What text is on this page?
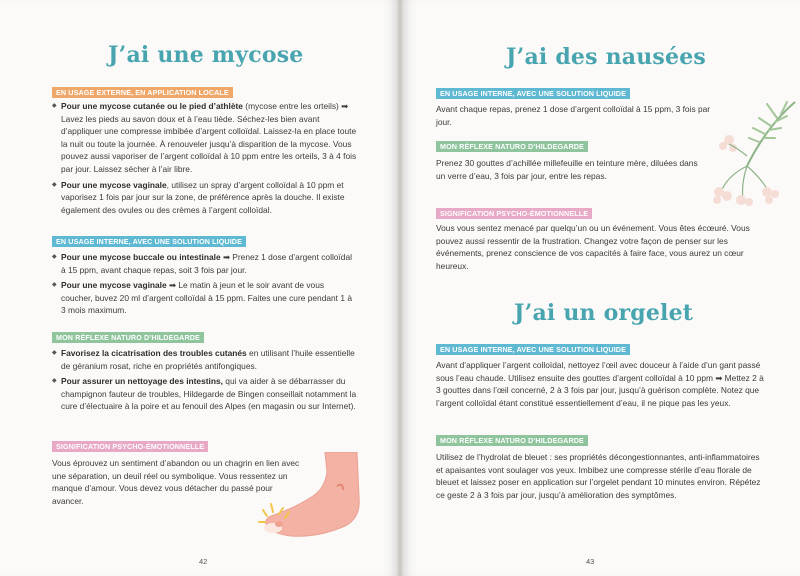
J’ai une mycose
EN USAGE EXTERNE, EN APPLICATION LOCALE

◆ Pour une mycose cutanée ou le pied d’athlète (mycose entre les orteils) ➡ Lavez les pieds au savon doux et à l’eau tiède. Séchez-les bien avant d’appliquer une compresse imbibée d’argent colloïdal. Laissez-la en place toute la nuit ou toute la journée. À renouveler jusqu’à disparition de la mycose. Vous pouvez aussi vaporiser de l’argent colloïdal à 10 ppm entre les orteils, 3 à 4 fois par jour. Laissez sécher à l’air libre.

◆ Pour une mycose vaginale, utilisez un spray d’argent colloïdal à 10 ppm et vaporisez 1 fois par jour sur la zone, de préférence après la douche. Il existe également des ovules ou des crèmes à l’argent colloïdal.

EN USAGE INTERNE, AVEC UNE SOLUTION LIQUIDE

◆ Pour une mycose buccale ou intestinale ➡ Prenez 1 dose d’argent colloïdal à 15 ppm, avant chaque repas, soit 3 fois par jour.

◆ Pour une mycose vaginale ➡ Le matin à jeun et le soir avant de vous coucher, buvez 20 ml d’argent colloïdal à 15 ppm. Faites une cure pendant 1 à 3 mois maximum.

MON RÉFLEXE NATURO D’HILDEGARDE

◆ Favorisez la cicatrisation des troubles cutanés en utilisant l’huile essentielle de géranium rosat, riche en propriétés antifongiques.

◆ Pour assurer un nettoyage des intestins, qui va aider à se débarrasser du champignon fauteur de troubles, Hildegarde de Bingen conseillait notamment la cure d’électuaire à la poire et au fenouil des Alpes (en magasin ou sur Internet).

SIGNIFICATION PSYCHO-ÉMOTIONNELLE

Vous éprouvez un sentiment d’abandon ou un chagrin en lien avec une séparation, un deuil réel ou symbolique. Vous ressentez un manque d’amour. Vous devez vous détacher du passé pour avancer.

42
J’ai des nausées
EN USAGE INTERNE, AVEC UNE SOLUTION LIQUIDE

Avant chaque repas, prenez 1 dose d’argent colloïdal à 15 ppm, 3 fois par jour.

MON RÉFLEXE NATURO D’HILDEGARDE

Prenez 30 gouttes d’achillée millefeuille en teinture mère, diluées dans un verre d’eau, 3 fois par jour, entre les repas.

SIGNIFICATION PSYCHO-ÉMOTIONNELLE

Vous vous sentez menacé par quelqu’un ou un événement. Vous êtes écœuré. Vous pouvez aussi ressentir de la frustration. Changez votre façon de penser sur les événements, prenez conscience de vos capacités à faire face, vous aurez un cœur heureux.

J’ai un orgelet
EN USAGE INTERNE, AVEC UNE SOLUTION LIQUIDE

Avant d’appliquer l’argent colloïdal, nettoyez l’œil avec douceur à l’aide d’un gant passé sous l’eau chaude. Utilisez ensuite des gouttes d’argent colloïdal à 10 ppm ➡ Mettez 2 à 3 gouttes dans l’œil concerné, 2 à 3 fois par jour, jusqu’à guérison complète. Notez que l’argent colloïdal étant constitué essentiellement d’eau, il ne pique pas les yeux.

MON RÉFLEXE NATURO D’HILDEGARDE

Utilisez de l’hydrolat de bleuet : ses propriétés décongestionnantes, anti-inflammatoires et apaisantes vont soulager vos yeux. Imbibez une compresse stérile d’eau florale de bleuet et laissez poser en application sur l’orgelet pendant 10 minutes environ. Répétez ce geste 2 à 3 fois par jour, jusqu’à amélioration des symptômes.

43
